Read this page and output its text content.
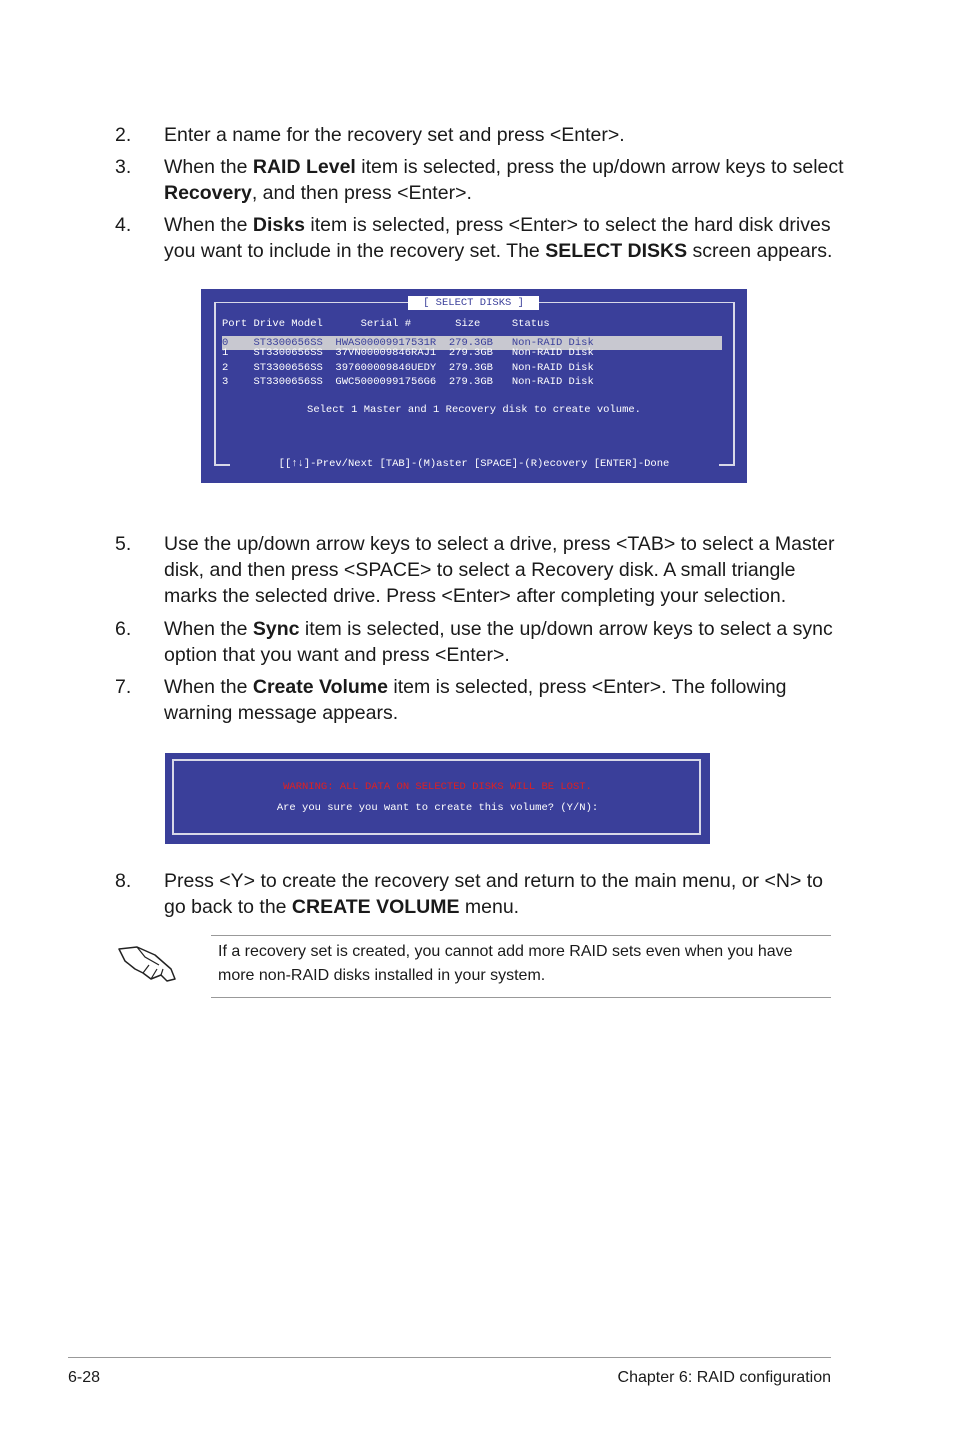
2. Enter a name for the recovery set and press <Enter>.
3. When the RAID Level item is selected, press the up/down arrow keys to select Recovery, and then press <Enter>.
4. When the Disks item is selected, press <Enter> to select the hard disk drives you want to include in the recovery set. The SELECT DISKS screen appears.
[ SELECT DISKS ]
Port Drive Model      Serial #       Size     Status
0    ST3300656SS  HWAS00009917531R  279.3GB   Non-RAID Disk
1    ST3300656SS  37VN00009846RAJ1  279.3GB   Non-RAID Disk
2    ST3300656SS  397600009846UEDY  279.3GB   Non-RAID Disk
3    ST3300656SS  GWC50000991756G6  279.3GB   Non-RAID Disk
Select 1 Master and 1 Recovery disk to create volume.
[[↑↓]-Prev/Next [TAB]-(M)aster [SPACE]-(R)ecovery [ENTER]-Done
5. Use the up/down arrow keys to select a drive, press <TAB> to select a Master disk, and then press <SPACE> to select a Recovery disk. A small triangle marks the selected drive. Press <Enter> after completing your selection.
6. When the Sync item is selected, use the up/down arrow keys to select a sync option that you want and press <Enter>.
7. When the Create Volume item is selected, press <Enter>. The following warning message appears.
WARNING: ALL DATA ON SELECTED DISKS WILL BE LOST.
Are you sure you want to create this volume? (Y/N):
8. Press <Y> to create the recovery set and return to the main menu, or <N> to go back to the CREATE VOLUME menu.
If a recovery set is created, you cannot add more RAID sets even when you have more non-RAID disks installed in your system.
6-28	Chapter 6: RAID configuration
